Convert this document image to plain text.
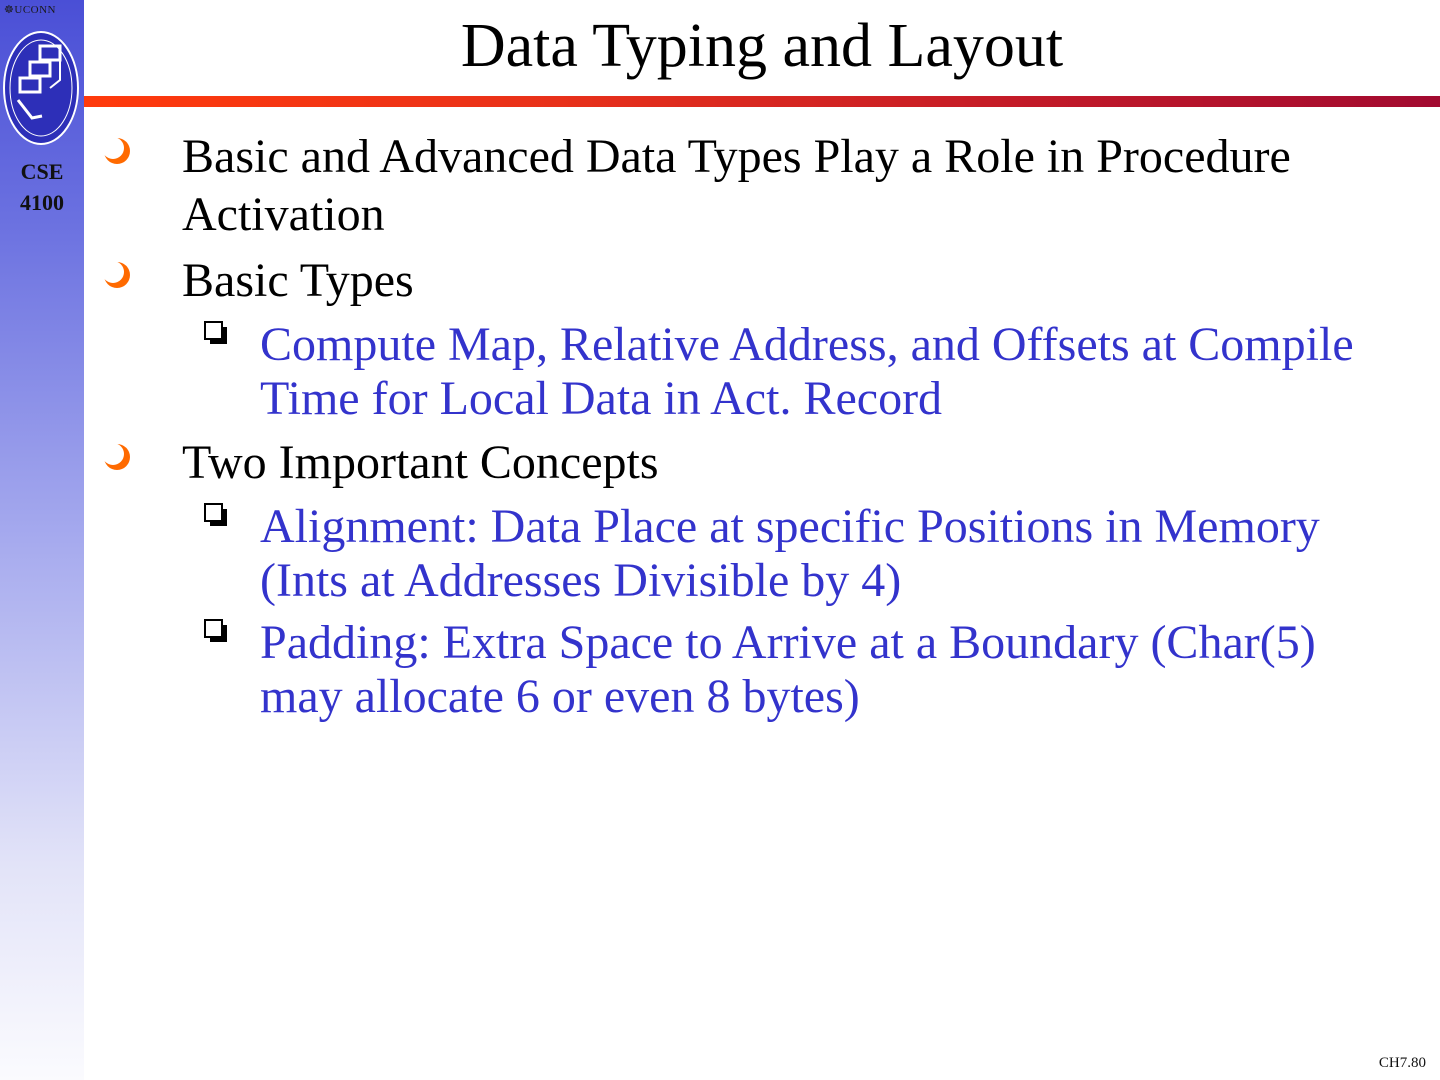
☸UCONN
CSE
4100
Data Typing and Layout
Basic and Advanced Data Types Play a Role in Procedure Activation
Basic Types
Compute Map, Relative Address, and Offsets at Compile Time for Local Data in Act. Record
Two Important Concepts
Alignment: Data Place at specific Positions in Memory (Ints at Addresses Divisible by 4)
Padding: Extra Space to Arrive at a Boundary (Char(5) may allocate 6 or even 8 bytes)
CH7.80
